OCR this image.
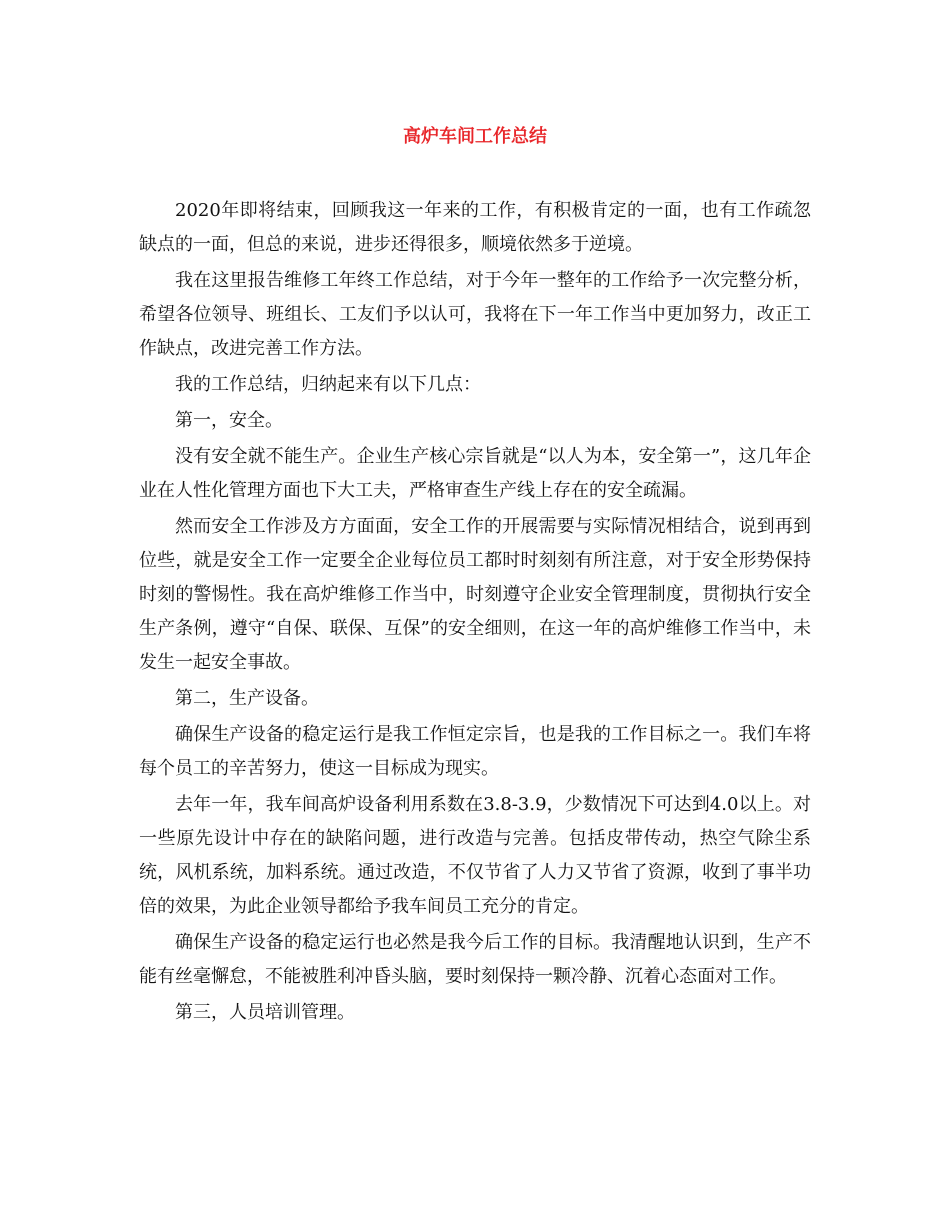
高炉车间工作总结

2020年即将结束，回顾我这一年来的工作，有积极肯定的一面，也有工作疏忽缺点的一面，但总的来说，进步还得很多，顺境依然多于逆境。

我在这里报告维修工年终工作总结，对于今年一整年的工作给予一次完整分析，希望各位领导、班组长、工友们予以认可，我将在下一年工作当中更加努力，改正工作缺点，改进完善工作方法。

我的工作总结，归纳起来有以下几点：

第一，安全。

没有安全就不能生产。企业生产核心宗旨就是“以人为本，安全第一”，这几年企业在人性化管理方面也下大工夫，严格审查生产线上存在的安全疏漏。

然而安全工作涉及方方面面，安全工作的开展需要与实际情况相结合，说到再到位些，就是安全工作一定要全企业每位员工都时时刻刻有所注意，对于安全形势保持时刻的警惕性。我在高炉维修工作当中，时刻遵守企业安全管理制度，贯彻执行安全生产条例，遵守“自保、联保、互保”的安全细则，在这一年的高炉维修工作当中，未发生一起安全事故。

第二，生产设备。

确保生产设备的稳定运行是我工作恒定宗旨，也是我的工作目标之一。我们车将每个员工的辛苦努力，使这一目标成为现实。

去年一年，我车间高炉设备利用系数在3.8-3.9，少数情况下可达到4.0以上。对一些原先设计中存在的缺陷问题，进行改造与完善。包括皮带传动，热空气除尘系统，风机系统，加料系统。通过改造，不仅节省了人力又节省了资源，收到了事半功倍的效果，为此企业领导都给予我车间员工充分的肯定。

确保生产设备的稳定运行也必然是我今后工作的目标。我清醒地认识到，生产不能有丝毫懈怠，不能被胜利冲昏头脑，要时刻保持一颗冷静、沉着心态面对工作。

第三，人员培训管理。
